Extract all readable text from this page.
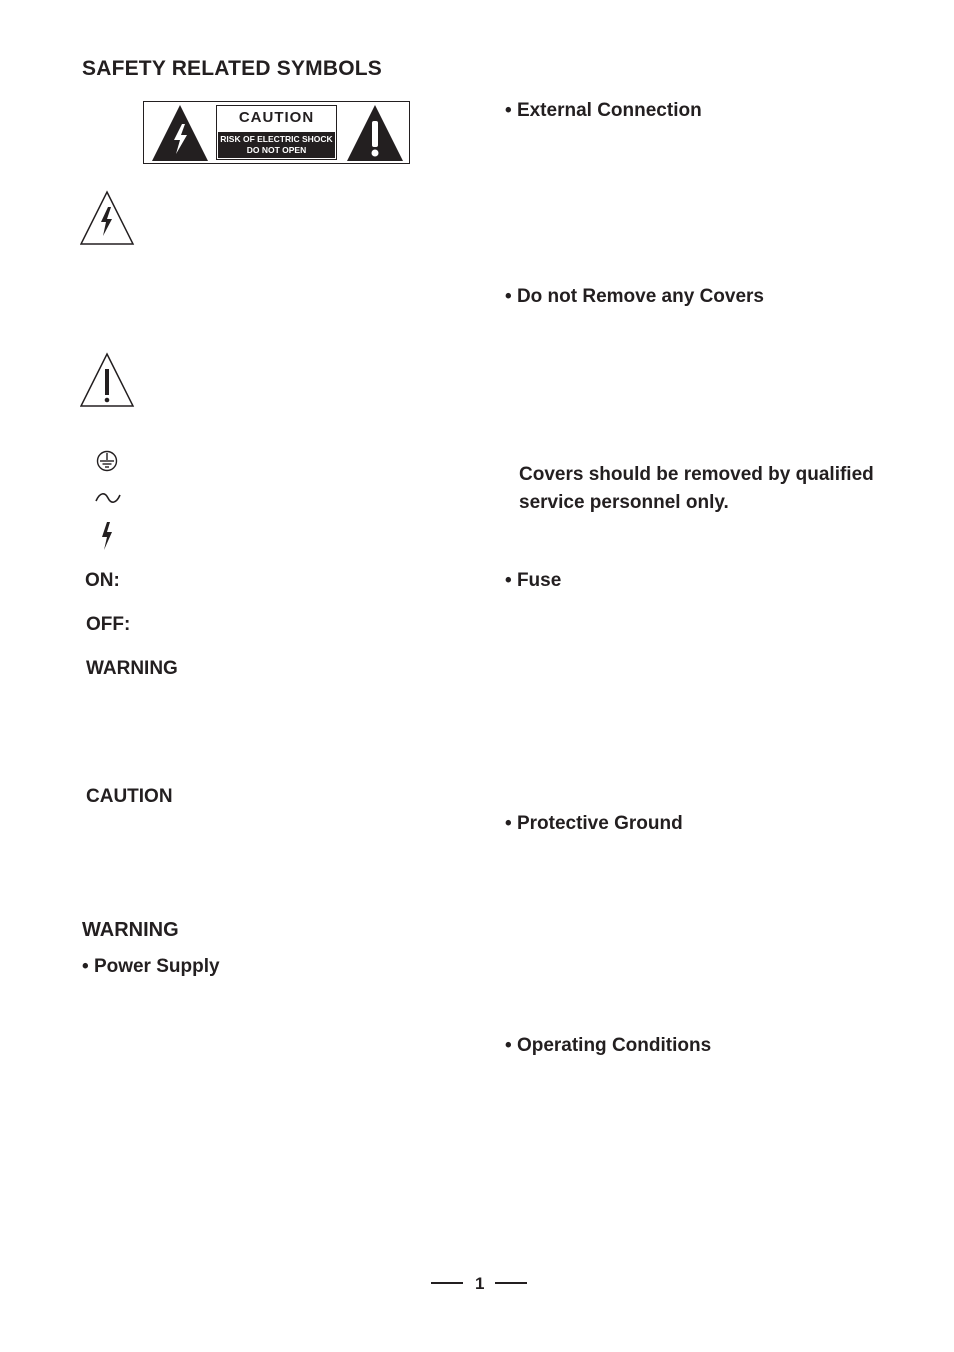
SAFETY RELATED SYMBOLS
CAUTION
RISK OF ELECTRIC SHOCK
DO NOT OPEN
ON:
OFF:
WARNING
CAUTION
WARNING
• Power Supply
• External Connection
• Do not Remove any Covers
Covers should be removed by qualified
service personnel only.
• Fuse
• Protective Ground
• Operating Conditions
1
